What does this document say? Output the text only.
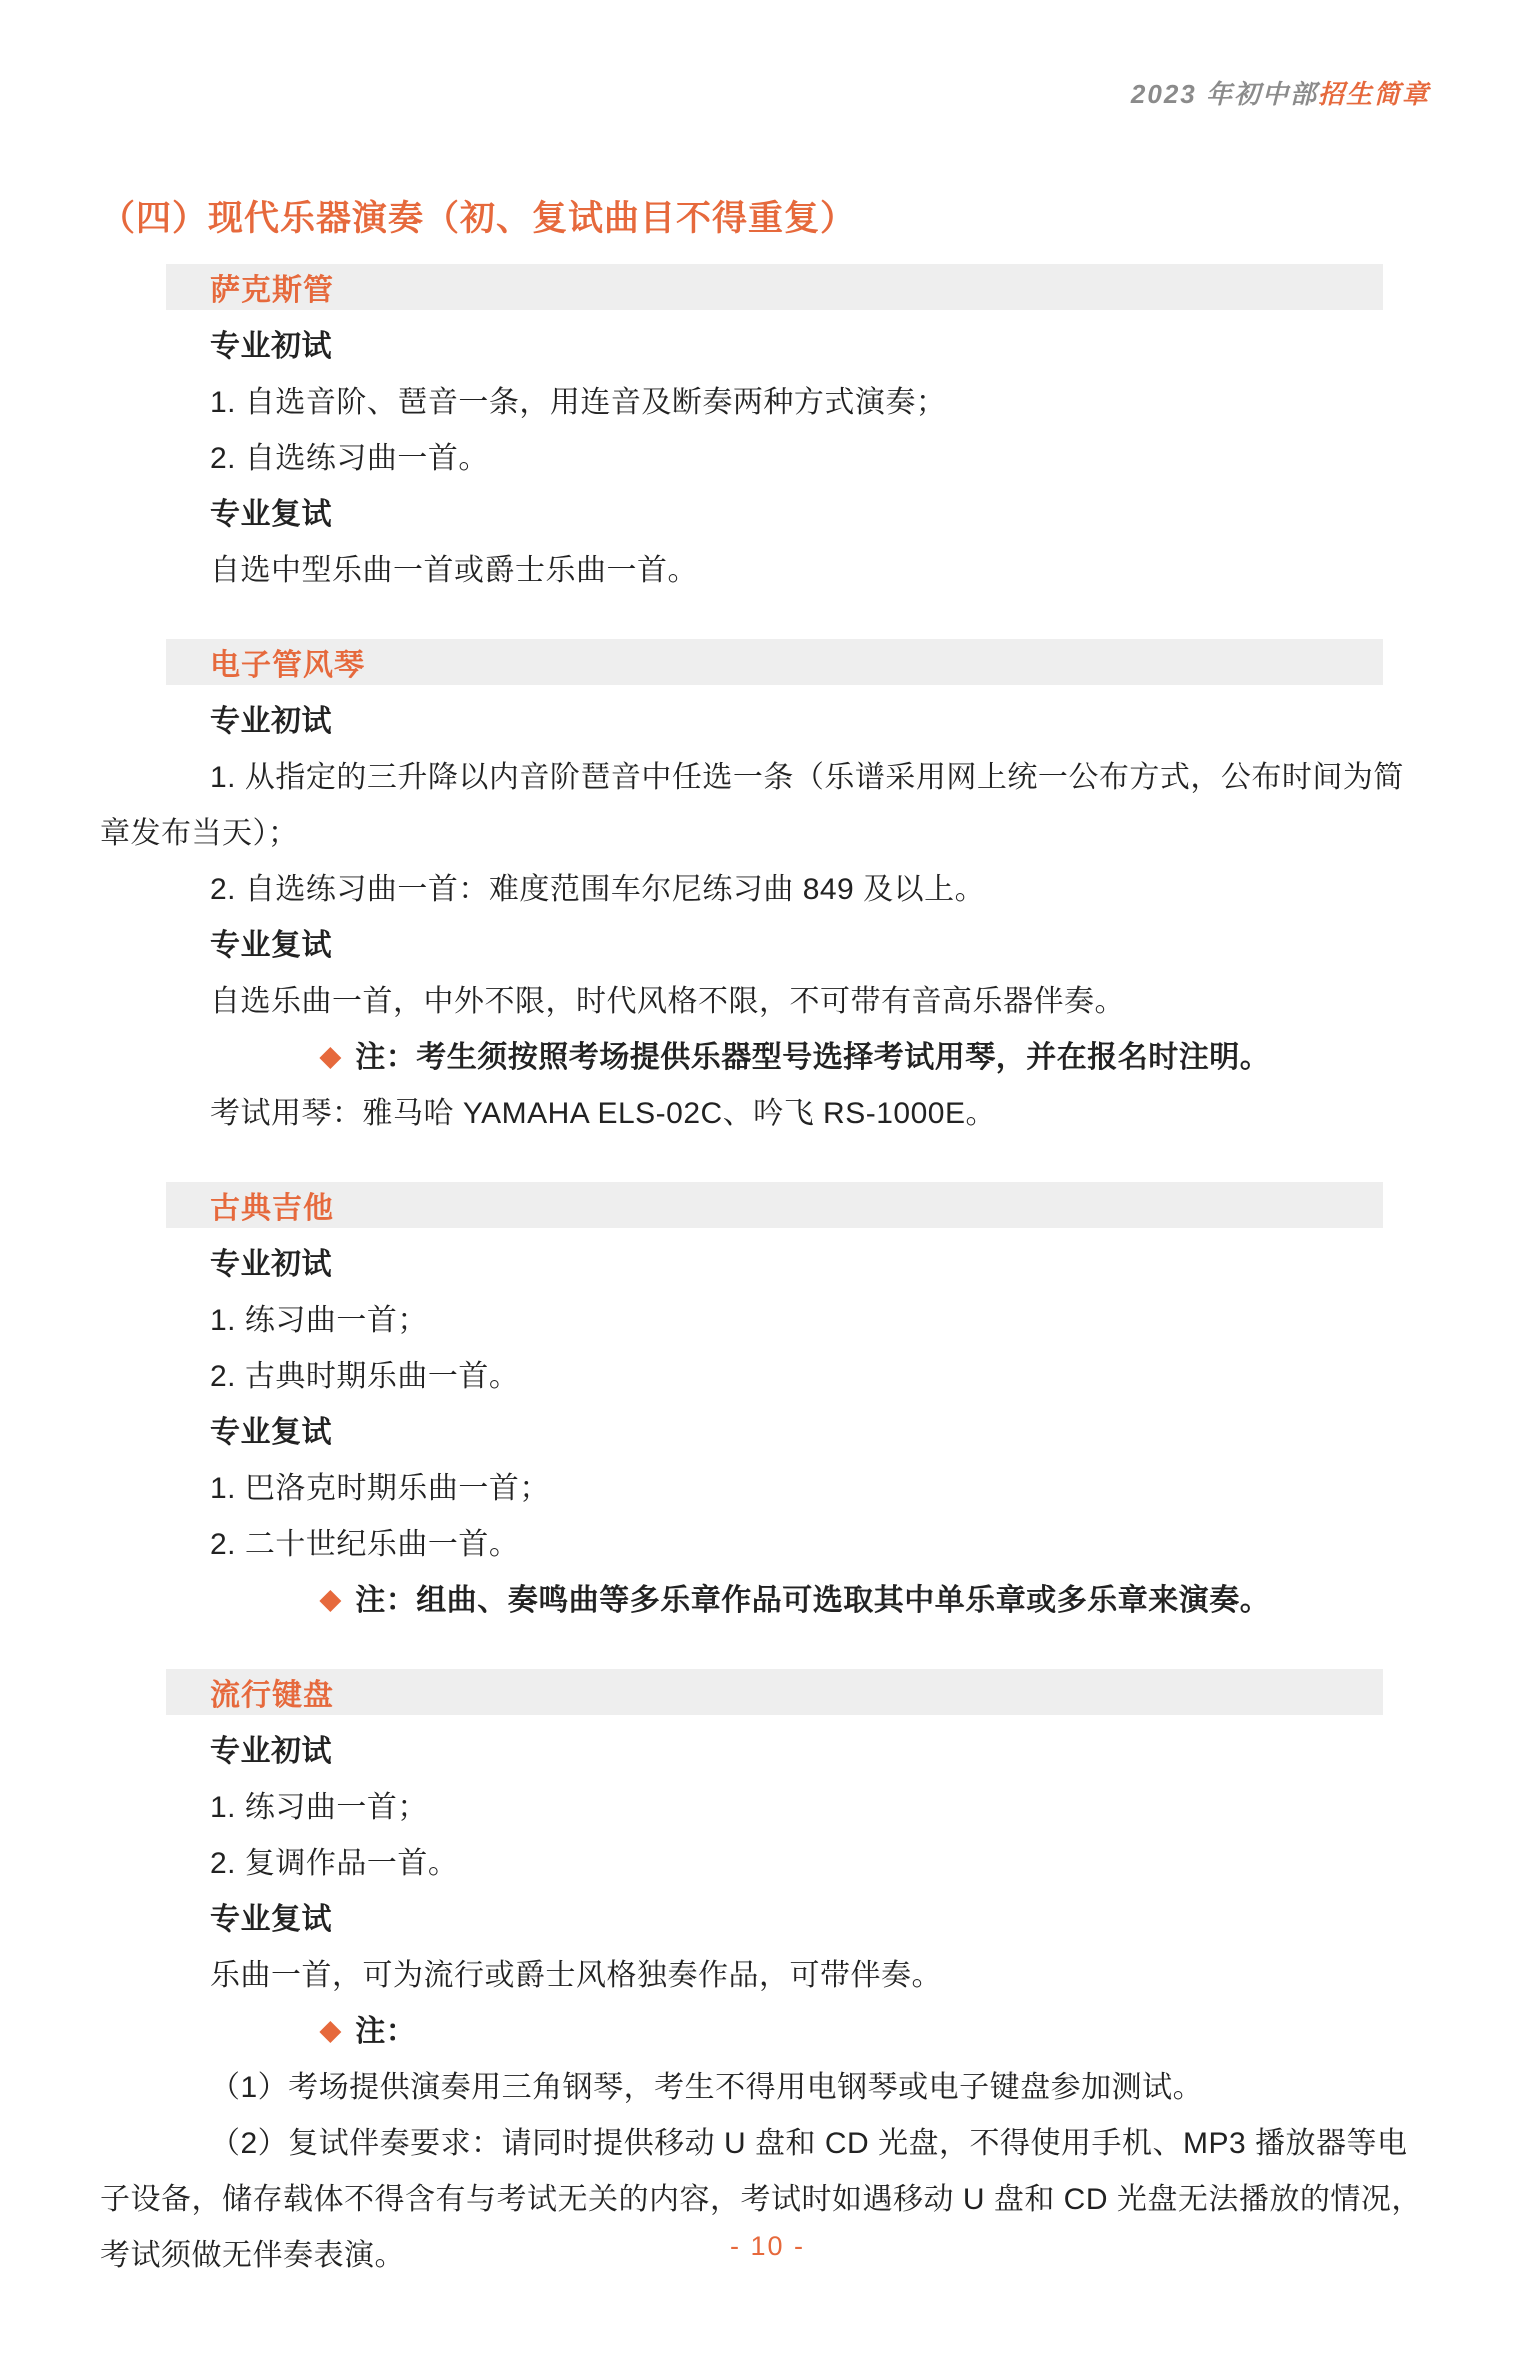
2023 年初中部招生简章
（四）现代乐器演奏（初、复试曲目不得重复）
萨克斯管

专业初试

1. 自选音阶、琶音一条，用连音及断奏两种方式演奏；

2. 自选练习曲一首。

专业复试

自选中型乐曲一首或爵士乐曲一首。

电子管风琴

专业初试

1. 从指定的三升降以内音阶琶音中任选一条（乐谱采用网上统一公布方式，公布时间为简章发布当天）；

2. 自选练习曲一首：难度范围车尔尼练习曲 849 及以上。

专业复试

自选乐曲一首，中外不限，时代风格不限，不可带有音高乐器伴奏。

◆ 注：考生须按照考场提供乐器型号选择考试用琴，并在报名时注明。

考试用琴：雅马哈 YAMAHA ELS-02C、吟飞 RS-1000E。

古典吉他

专业初试

1. 练习曲一首；

2. 古典时期乐曲一首。

专业复试

1. 巴洛克时期乐曲一首；

2. 二十世纪乐曲一首。

◆ 注：组曲、奏鸣曲等多乐章作品可选取其中单乐章或多乐章来演奏。

流行键盘

专业初试

1. 练习曲一首；

2. 复调作品一首。

专业复试

乐曲一首，可为流行或爵士风格独奏作品，可带伴奏。

◆ 注：

（1）考场提供演奏用三角钢琴，考生不得用电钢琴或电子键盘参加测试。

（2）复试伴奏要求：请同时提供移动 U 盘和 CD 光盘，不得使用手机、MP3 播放器等电子设备，储存载体不得含有与考试无关的内容，考试时如遇移动 U 盘和 CD 光盘无法播放的情况，考试须做无伴奏表演。	- 10 -
